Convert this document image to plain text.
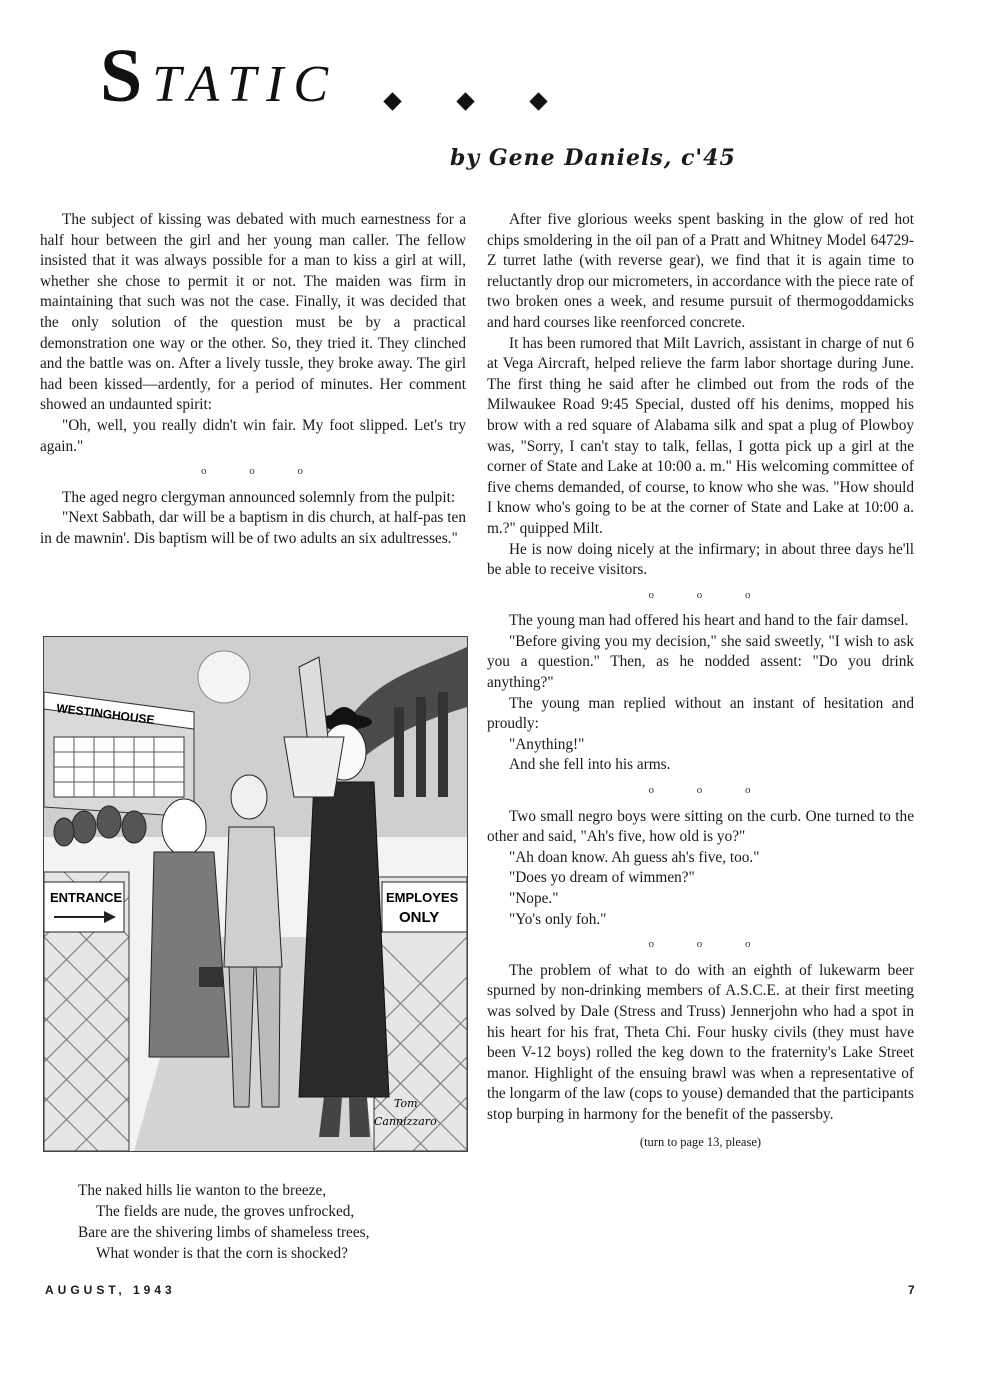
STATIC
by Gene Daniels, c'45

The subject of kissing was debated with much earnestness for a half hour between the girl and her young man caller. The fellow insisted that it was always possible for a man to kiss a girl at will, whether she chose to permit it or not. The maiden was firm in maintaining that such was not the case. Finally, it was decided that the only solution of the question must be by a practical demonstration one way or the other. So, they tried it. They clinched and the battle was on. After a lively tussle, they broke away. The girl had been kissed—ardently, for a period of minutes. Her comment showed an undaunted spirit:

"Oh, well, you really didn't win fair. My foot slipped. Let's try again."

o o o

The aged negro clergyman announced solemnly from the pulpit:

"Next Sabbath, dar will be a baptism in dis church, at half-pas ten in de mawnin'. Dis baptism will be of two adults an six adultresses."

WESTINGHOUSE
ENTRANCE	EMPLOYES
ONLY
Tom
Cannizzaro
The naked hills lie wanton to the breeze,
The fields are nude, the groves unfrocked,
Bare are the shivering limbs of shameless trees,
What wonder is that the corn is shocked?

After five glorious weeks spent basking in the glow of red hot chips smoldering in the oil pan of a Pratt and Whitney Model 64729-Z turret lathe (with reverse gear), we find that it is again time to reluctantly drop our micrometers, in accordance with the piece rate of two broken ones a week, and resume pursuit of thermogoddamicks and hard courses like reenforced concrete.

It has been rumored that Milt Lavrich, assistant in charge of nut 6 at Vega Aircraft, helped relieve the farm labor shortage during June. The first thing he said after he climbed out from the rods of the Milwaukee Road 9:45 Special, dusted off his denims, mopped his brow with a red square of Alabama silk and spat a plug of Plowboy was, "Sorry, I can't stay to talk, fellas, I gotta pick up a girl at the corner of State and Lake at 10:00 a. m." His welcoming committee of five chems demanded, of course, to know who she was. "How should I know who's going to be at the corner of State and Lake at 10:00 a. m.?" quipped Milt.

He is now doing nicely at the infirmary; in about three days he'll be able to receive visitors.

o o o

The young man had offered his heart and hand to the fair damsel.

"Before giving you my decision," she said sweetly, "I wish to ask you a question." Then, as he nodded assent: "Do you drink anything?"

The young man replied without an instant of hesitation and proudly:

"Anything!"

And she fell into his arms.

o o o

Two small negro boys were sitting on the curb. One turned to the other and said, "Ah's five, how old is yo?"

"Ah doan know. Ah guess ah's five, too."

"Does yo dream of wimmen?"

"Nope."

"Yo's only foh."

o o o

The problem of what to do with an eighth of lukewarm beer spurned by non-drinking members of A.S.C.E. at their first meeting was solved by Dale (Stress and Truss) Jennerjohn who had a spot in his heart for his frat, Theta Chi. Four husky civils (they must have been V-12 boys) rolled the keg down to the fraternity's Lake Street manor. Highlight of the ensuing brawl was when a representative of the longarm of the law (cops to youse) demanded that the participants stop burping in harmony for the benefit of the passersby.

(turn to page 13, please)
AUGUST, 1943	7
